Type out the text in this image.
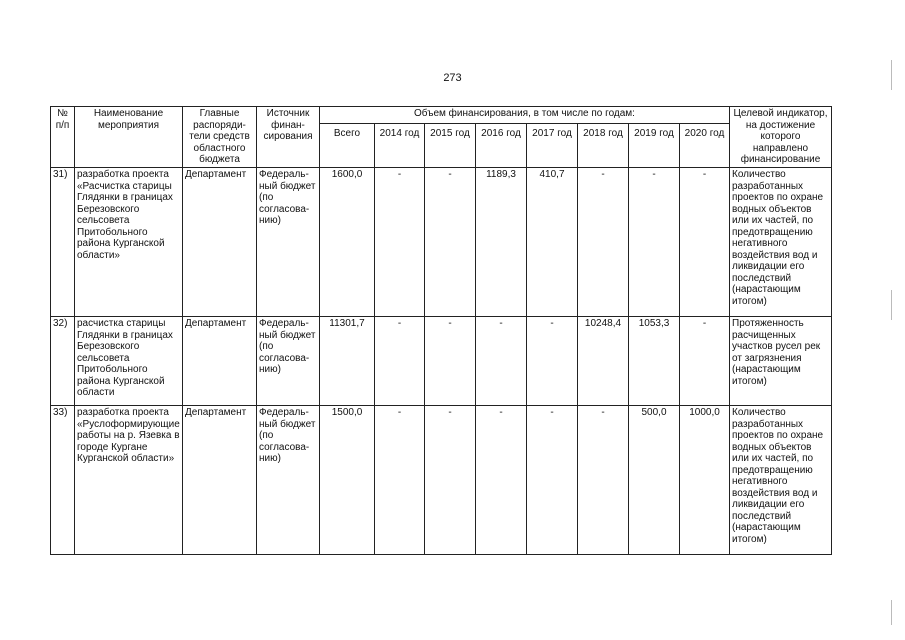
273
№ п/п	Наименование мероприятия	Главные распоряди-тели средств областного бюджета	Источник финан-сирования	Объем финансирования, в том числе по годам:								Целевой индикатор, на достижение которого направлено финансирование
				Всего	2014 год	2015 год	2016 год	2017 год	2018 год	2019 год	2020 год	
31)	разработка проекта «Расчистка старицы Глядянки в границах Березовского сельсовета Притобольного района Курганской области»	Департамент	Федераль-ный бюджет (по согласова-нию)	1600,0	-	-	1189,3	410,7	-	-	-	Количество разработанных проектов по охране водных объектов или их частей, по предотвращению негативного воздействия вод и ликвидации его последствий (нарастающим итогом)
32)	расчистка старицы Глядянки в границах Березовского сельсовета Притобольного района Курганской области	Департамент	Федераль-ный бюджет (по согласова-нию)	11301,7	-	-	-	-	10248,4	1053,3	-	Протяженность расчищенных участков русел рек от загрязнения (нарастающим итогом)
33)	разработка проекта «Руслоформирующие работы на р. Язевка в городе Кургане Курганской области»	Департамент	Федераль-ный бюджет (по согласова-нию)	1500,0	-	-	-	-	-	500,0	1000,0	Количество разработанных проектов по охране водных объектов или их частей, по предотвращению негативного воздействия вод и ликвидации его последствий (нарастающим итогом)
